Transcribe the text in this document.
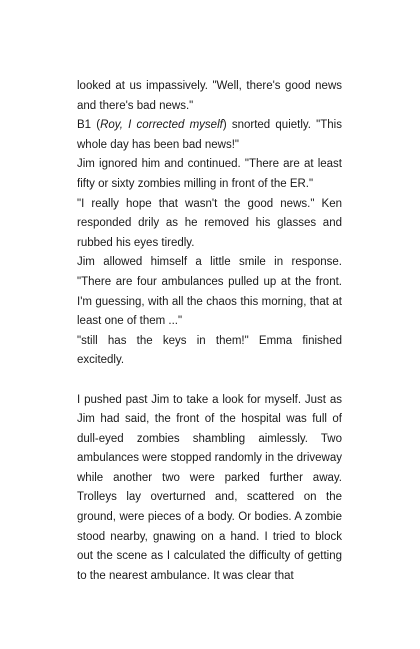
looked at us impassively. "Well, there's good news and there's bad news."

B1 (Roy, I corrected myself) snorted quietly. "This whole day has been bad news!"

Jim ignored him and continued. "There are at least fifty or sixty zombies milling in front of the ER."

"I really hope that wasn't the good news." Ken responded drily as he removed his glasses and rubbed his eyes tiredly.

Jim allowed himself a little smile in response. "There are four ambulances pulled up at the front. I'm guessing, with all the chaos this morning, that at least one of them ..."

"still has the keys in them!" Emma finished excitedly.

I pushed past Jim to take a look for myself. Just as Jim had said, the front of the hospital was full of dull-eyed zombies shambling aimlessly. Two ambulances were stopped randomly in the driveway while another two were parked further away. Trolleys lay overturned and, scattered on the ground, were pieces of a body. Or bodies. A zombie stood nearby, gnawing on a hand. I tried to block out the scene as I calculated the difficulty of getting to the nearest ambulance. It was clear that
